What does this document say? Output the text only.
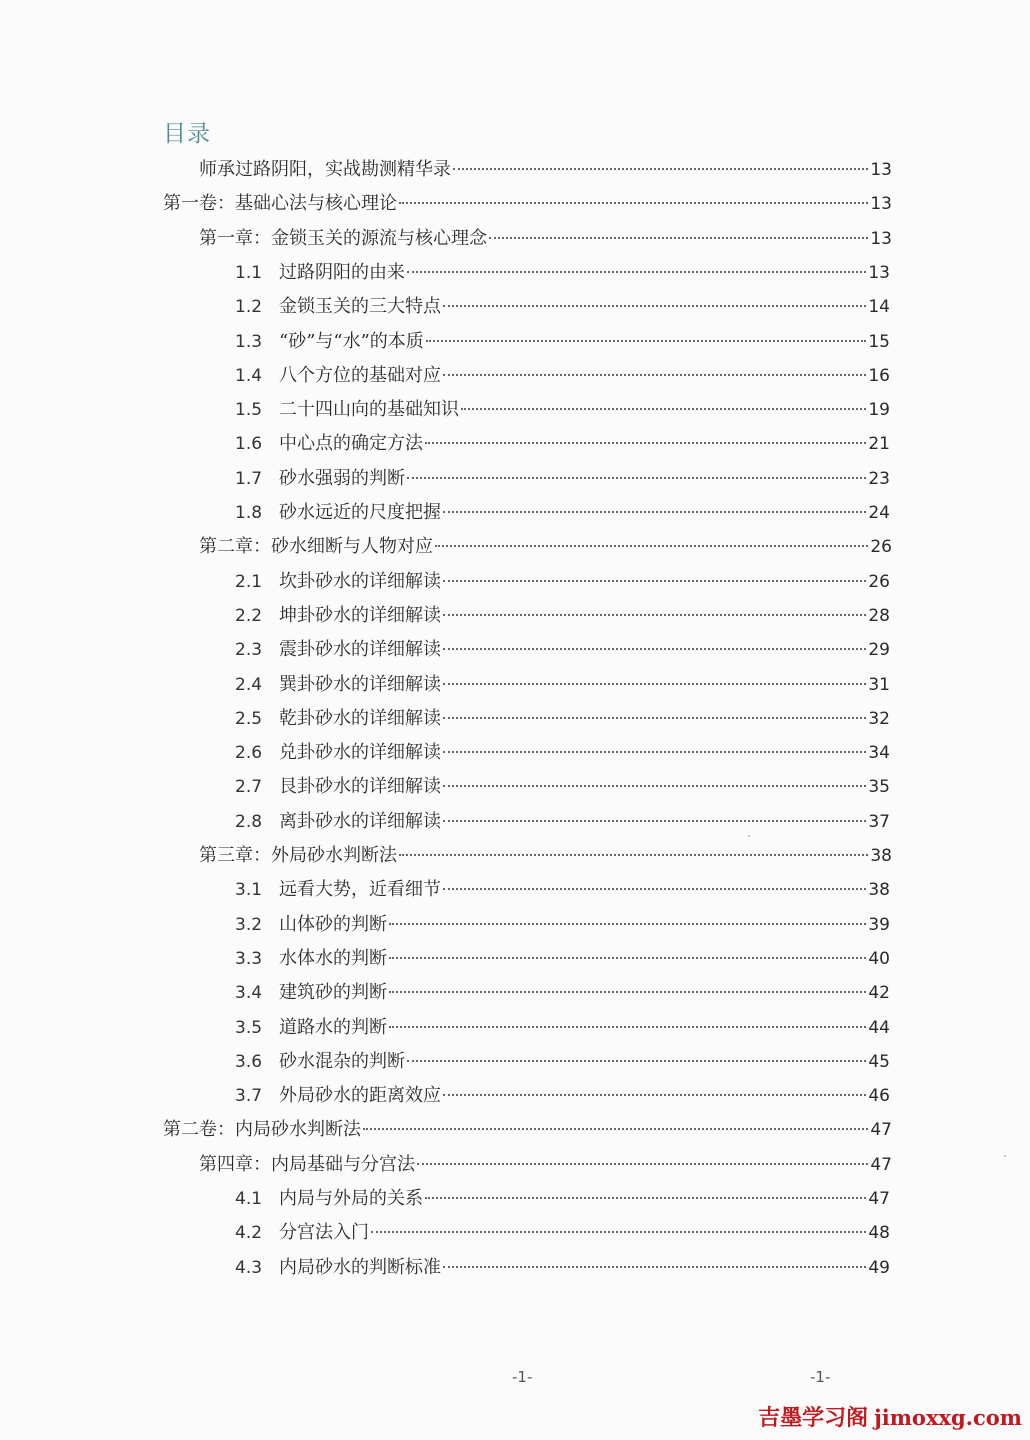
目录
师承过路阴阳，实战勘测精华录	13
第一卷：基础心法与核心理论	13
第一章：金锁玉关的源流与核心理念	13
1.1 过路阴阳的由来	13
1.2 金锁玉关的三大特点	14
1.3 “砂”与“水”的本质	15
1.4 八个方位的基础对应	16
1.5 二十四山向的基础知识	19
1.6 中心点的确定方法	21
1.7 砂水强弱的判断	23
1.8 砂水远近的尺度把握	24
第二章：砂水细断与人物对应	26
2.1 坎卦砂水的详细解读	26
2.2 坤卦砂水的详细解读	28
2.3 震卦砂水的详细解读	29
2.4 巽卦砂水的详细解读	31
2.5 乾卦砂水的详细解读	32
2.6 兑卦砂水的详细解读	34
2.7 艮卦砂水的详细解读	35
2.8 离卦砂水的详细解读	37
第三章：外局砂水判断法	38
3.1 远看大势，近看细节	38
3.2 山体砂的判断	39
3.3 水体水的判断	40
3.4 建筑砂的判断	42
3.5 道路水的判断	44
3.6 砂水混杂的判断	45
3.7 外局砂水的距离效应	46
第二卷：内局砂水判断法	47
第四章：内局基础与分宫法	47
4.1 内局与外局的关系	47
4.2 分宫法入门	48
4.3 内局砂水的判断标准	49
-1-	-1-
吉墨学习阁 jimoxxg.com
